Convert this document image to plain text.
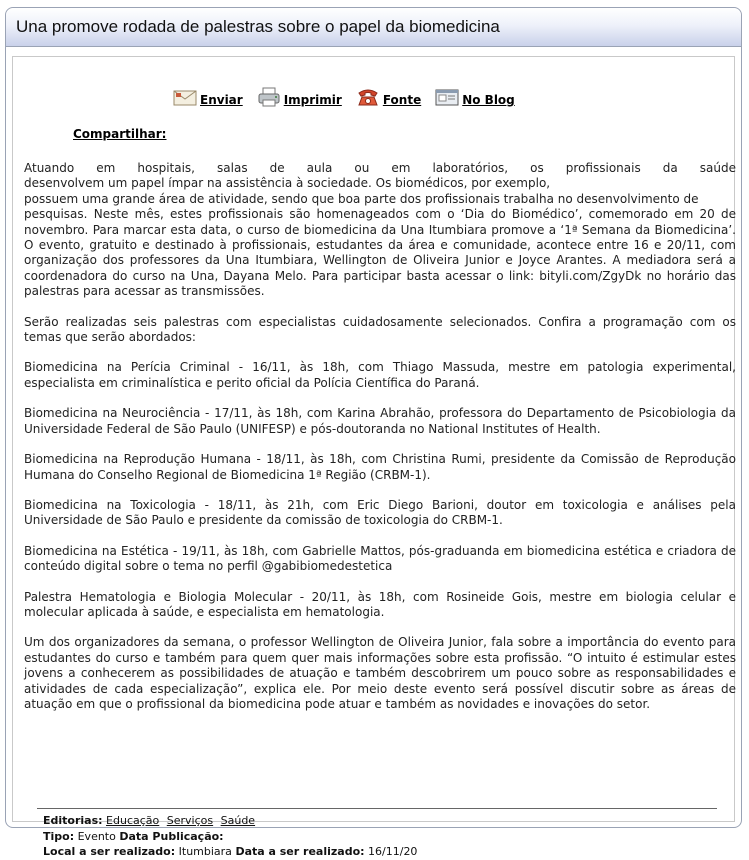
Una promove rodada de palestras sobre o papel da biomedicina
Enviar	Imprimir	Fonte	No Blog
Compartilhar:

Atuando em hospitais, salas de aula ou em laboratórios, os profissionais da saúde
desenvolvem um papel ímpar na assistência à sociedade. Os biomédicos, por exemplo,
possuem uma grande área de atividade, sendo que boa parte dos profissionais trabalha no desenvolvimento de
pesquisas. Neste mês, estes profissionais são homenageados com o ‘Dia do Biomédico’, comemorado em 20 de novembro. Para marcar esta data, o curso de biomedicina da Una Itumbiara promove a ‘1ª Semana da Biomedicina’. O evento, gratuito e destinado à profissionais, estudantes da área e comunidade, acontece entre 16 e 20/11, com organização dos professores da Una Itumbiara, Wellington de Oliveira Junior e Joyce Arantes. A mediadora será a coordenadora do curso na Una, Dayana Melo. Para participar basta acessar o link: bityli.com/ZgyDk no horário das palestras para acessar as transmissões.

Serão realizadas seis palestras com especialistas cuidadosamente selecionados. Confira a programação com os temas que serão abordados:

Biomedicina na Perícia Criminal - 16/11, às 18h, com Thiago Massuda, mestre em patologia experimental, especialista em criminalística e perito oficial da Polícia Científica do Paraná.

Biomedicina na Neurociência - 17/11, às 18h, com Karina Abrahão, professora do Departamento de Psicobiologia da Universidade Federal de São Paulo (UNIFESP) e pós-doutoranda no National Institutes of Health.

Biomedicina na Reprodução Humana - 18/11, às 18h, com Christina Rumi, presidente da Comissão de Reprodução Humana do Conselho Regional de Biomedicina 1ª Região (CRBM-1).

Biomedicina na Toxicologia - 18/11, às 21h, com Eric Diego Barioni, doutor em toxicologia e análises pela Universidade de São Paulo e presidente da comissão de toxicologia do CRBM-1.

Biomedicina na Estética - 19/11, às 18h, com Gabrielle Mattos, pós-graduanda em biomedicina estética e criadora de conteúdo digital sobre o tema no perfil @gabibiomedestetica

Palestra Hematologia e Biologia Molecular - 20/11, às 18h, com Rosineide Gois, mestre em biologia celular e molecular aplicada à saúde, e especialista em hematologia.

Um dos organizadores da semana, o professor Wellington de Oliveira Junior, fala sobre a importância do evento para estudantes do curso e também para quem quer mais informações sobre esta profissão. “O intuito é estimular estes jovens a conhecerem as possibilidades de atuação e também descobrirem um pouco sobre as responsabilidades e atividades de cada especialização”, explica ele. Por meio deste evento será possível discutir sobre as áreas de atuação em que o profissional da biomedicina pode atuar e também as novidades e inovações do setor.

Editorias: Educação Serviços Saúde
Tipo: Evento Data Publicação:
Local a ser realizado: Itumbiara Data a ser realizado: 16/11/20
